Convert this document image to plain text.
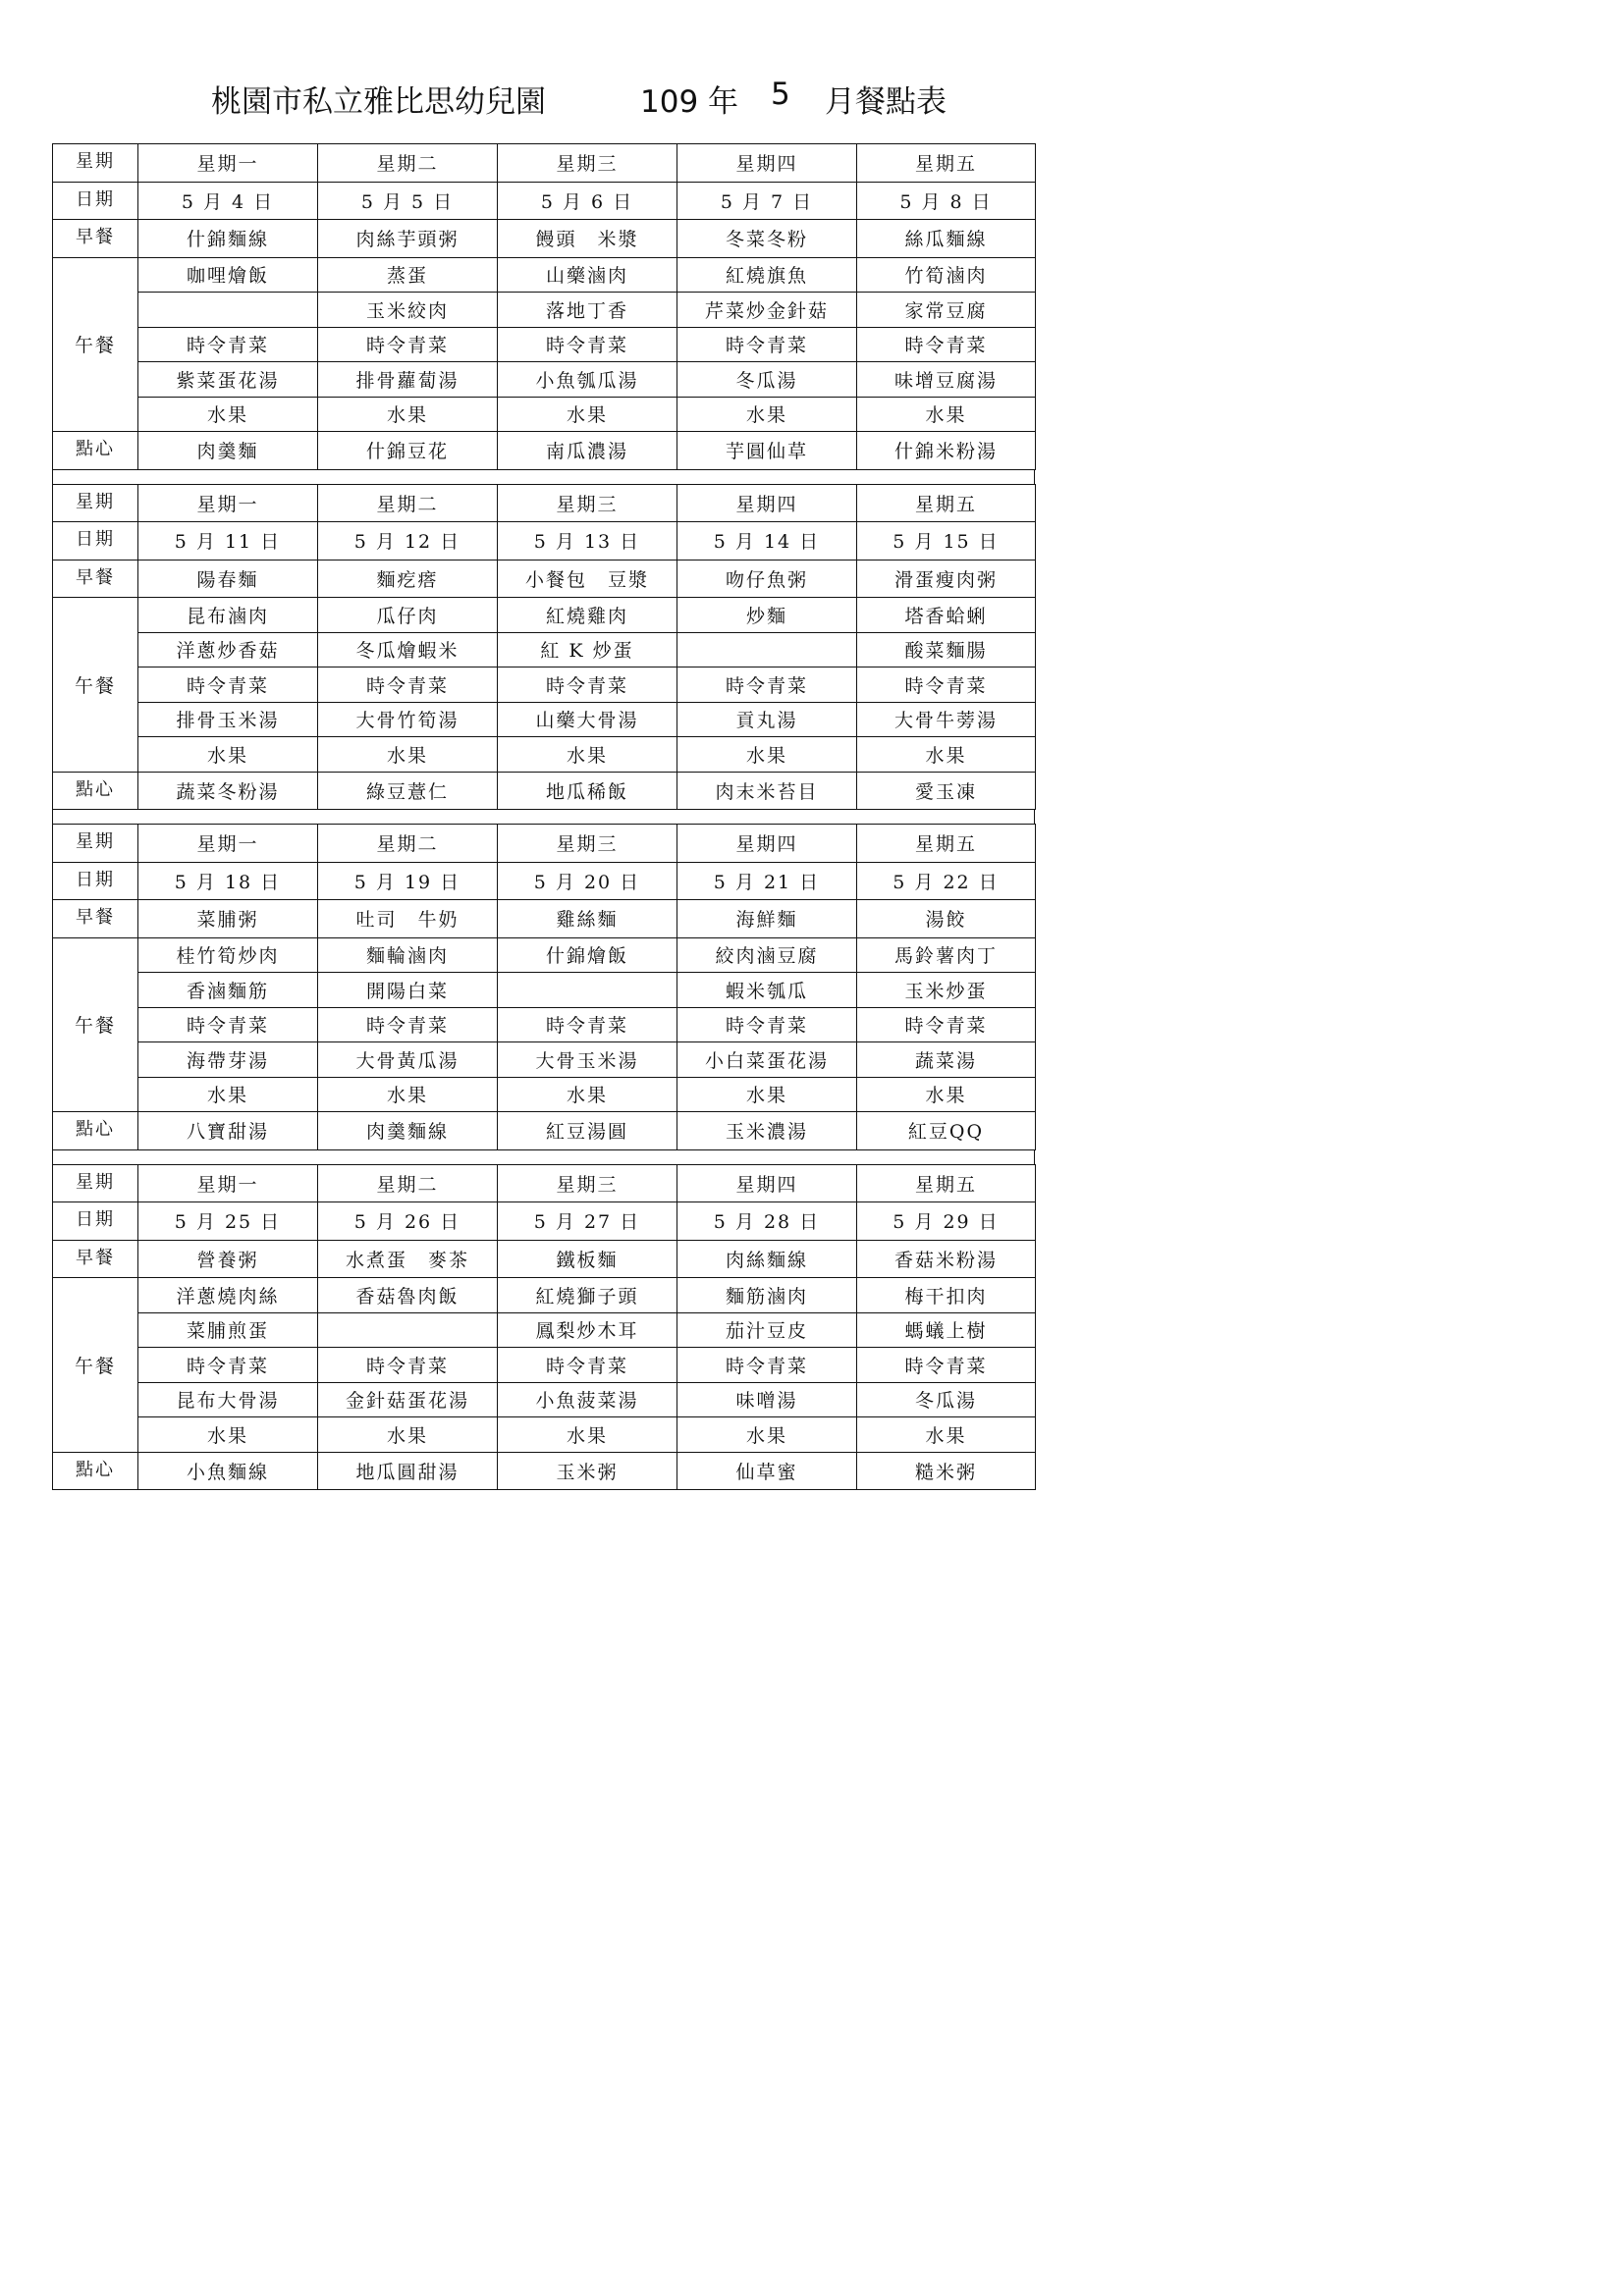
桃園市私立雅比思幼兒園

	109 年

5

月餐點表

星期	星期一	星期二	星期三	星期四	星期五
日期	5 月 4 日	5 月 5 日	5 月 6 日	5 月 7 日	5 月 8 日
早餐	什錦麵線	肉絲芋頭粥	饅頭　米漿	冬菜冬粉	絲瓜麵線
午餐	咖哩燴飯	蒸蛋	山藥滷肉	紅燒旗魚	竹筍滷肉
		玉米絞肉	落地丁香	芹菜炒金針菇	家常豆腐
	時令青菜	時令青菜	時令青菜	時令青菜	時令青菜
	紫菜蛋花湯	排骨蘿蔔湯	小魚瓠瓜湯	冬瓜湯	味增豆腐湯
	水果	水果	水果	水果	水果
點心	肉羹麵	什錦豆花	南瓜濃湯	芋圓仙草	什錦米粉湯
星期	星期一	星期二	星期三	星期四	星期五
日期	5 月 11 日	5 月 12 日	5 月 13 日	5 月 14 日	5 月 15 日
早餐	陽春麵	麵疙瘩	小餐包　豆漿	吻仔魚粥	滑蛋瘦肉粥
午餐	昆布滷肉	瓜仔肉	紅燒雞肉	炒麵	塔香蛤蜊
	洋蔥炒香菇	冬瓜燴蝦米	紅 K 炒蛋		酸菜麵腸
	時令青菜	時令青菜	時令青菜	時令青菜	時令青菜
	排骨玉米湯	大骨竹筍湯	山藥大骨湯	貢丸湯	大骨牛蒡湯
	水果	水果	水果	水果	水果
點心	蔬菜冬粉湯	綠豆薏仁	地瓜稀飯	肉末米苔目	愛玉凍
星期	星期一	星期二	星期三	星期四	星期五
日期	5 月 18 日	5 月 19 日	5 月 20 日	5 月 21 日	5 月 22 日
早餐	菜脯粥	吐司　牛奶	雞絲麵	海鮮麵	湯餃
午餐	桂竹筍炒肉	麵輪滷肉	什錦燴飯	絞肉滷豆腐	馬鈴薯肉丁
	香滷麵筋	開陽白菜		蝦米瓠瓜	玉米炒蛋
	時令青菜	時令青菜	時令青菜	時令青菜	時令青菜
	海帶芽湯	大骨黃瓜湯	大骨玉米湯	小白菜蛋花湯	蔬菜湯
	水果	水果	水果	水果	水果
點心	八寶甜湯	肉羹麵線	紅豆湯圓	玉米濃湯	紅豆QQ
星期	星期一	星期二	星期三	星期四	星期五
日期	5 月 25 日	5 月 26 日	5 月 27 日	5 月 28 日	5 月 29 日
早餐	營養粥	水煮蛋　麥茶	鐵板麵	肉絲麵線	香菇米粉湯
午餐	洋蔥燒肉絲	香菇魯肉飯	紅燒獅子頭	麵筋滷肉	梅干扣肉
	菜脯煎蛋		鳳梨炒木耳	茄汁豆皮	螞蟻上樹
	時令青菜	時令青菜	時令青菜	時令青菜	時令青菜
	昆布大骨湯	金針菇蛋花湯	小魚菠菜湯	味噌湯	冬瓜湯
	水果	水果	水果	水果	水果
點心	小魚麵線	地瓜圓甜湯	玉米粥	仙草蜜	糙米粥
